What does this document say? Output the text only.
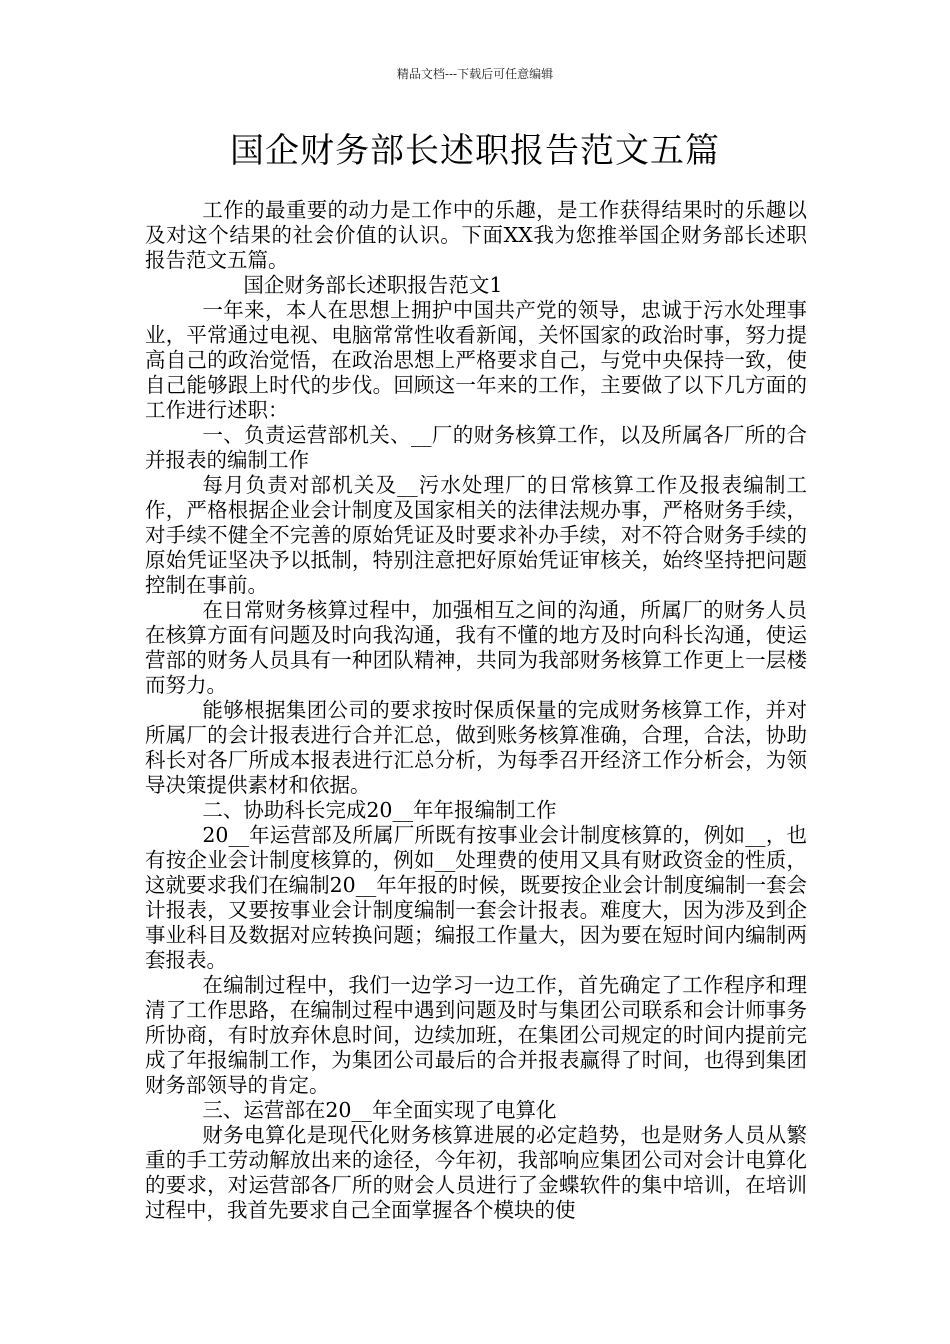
精品文档---下载后可任意编辑
国企财务部长述职报告范文五篇

工作的最重要的动力是工作中的乐趣，是工作获得结果时的乐趣以及对这个结果的社会价值的认识。下面XX我为您推举国企财务部长述职报告范文五篇。

国企财务部长述职报告范文1

一年来，本人在思想上拥护中国共产党的领导，忠诚于污水处理事业，平常通过电视、电脑常常性收看新闻，关怀国家的政治时事，努力提高自己的政治觉悟，在政治思想上严格要求自己，与党中央保持一致，使自己能够跟上时代的步伐。回顾这一年来的工作，主要做了以下几方面的工作进行述职：

一、负责运营部机关、__厂的财务核算工作，以及所属各厂所的合并报表的编制工作

每月负责对部机关及__污水处理厂的日常核算工作及报表编制工作，严格根据企业会计制度及国家相关的法律法规办事，严格财务手续，对手续不健全不完善的原始凭证及时要求补办手续，对不符合财务手续的原始凭证坚决予以抵制，特别注意把好原始凭证审核关，始终坚持把问题控制在事前。

在日常财务核算过程中，加强相互之间的沟通，所属厂的财务人员在核算方面有问题及时向我沟通，我有不懂的地方及时向科长沟通，使运营部的财务人员具有一种团队精神，共同为我部财务核算工作更上一层楼而努力。

能够根据集团公司的要求按时保质保量的完成财务核算工作，并对所属厂的会计报表进行合并汇总，做到账务核算准确，合理，合法，协助科长对各厂所成本报表进行汇总分析，为每季召开经济工作分析会，为领导决策提供素材和依据。

二、协助科长完成20__年年报编制工作

20__年运营部及所属厂所既有按事业会计制度核算的，例如__，也有按企业会计制度核算的，例如__处理费的使用又具有财政资金的性质，这就要求我们在编制20__年年报的时候，既要按企业会计制度编制一套会计报表，又要按事业会计制度编制一套会计报表。难度大，因为涉及到企事业科目及数据对应转换问题；编报工作量大，因为要在短时间内编制两套报表。

在编制过程中，我们一边学习一边工作，首先确定了工作程序和理清了工作思路，在编制过程中遇到问题及时与集团公司联系和会计师事务所协商，有时放弃休息时间，边续加班，在集团公司规定的时间内提前完成了年报编制工作，为集团公司最后的合并报表赢得了时间，也得到集团财务部领导的肯定。

三、运营部在20__年全面实现了电算化

财务电算化是现代化财务核算进展的必定趋势，也是财务人员从繁重的手工劳动解放出来的途径，今年初，我部响应集团公司对会计电算化的要求，对运营部各厂所的财会人员进行了金蝶软件的集中培训，在培训过程中，我首先要求自己全面掌握各个模块的使
